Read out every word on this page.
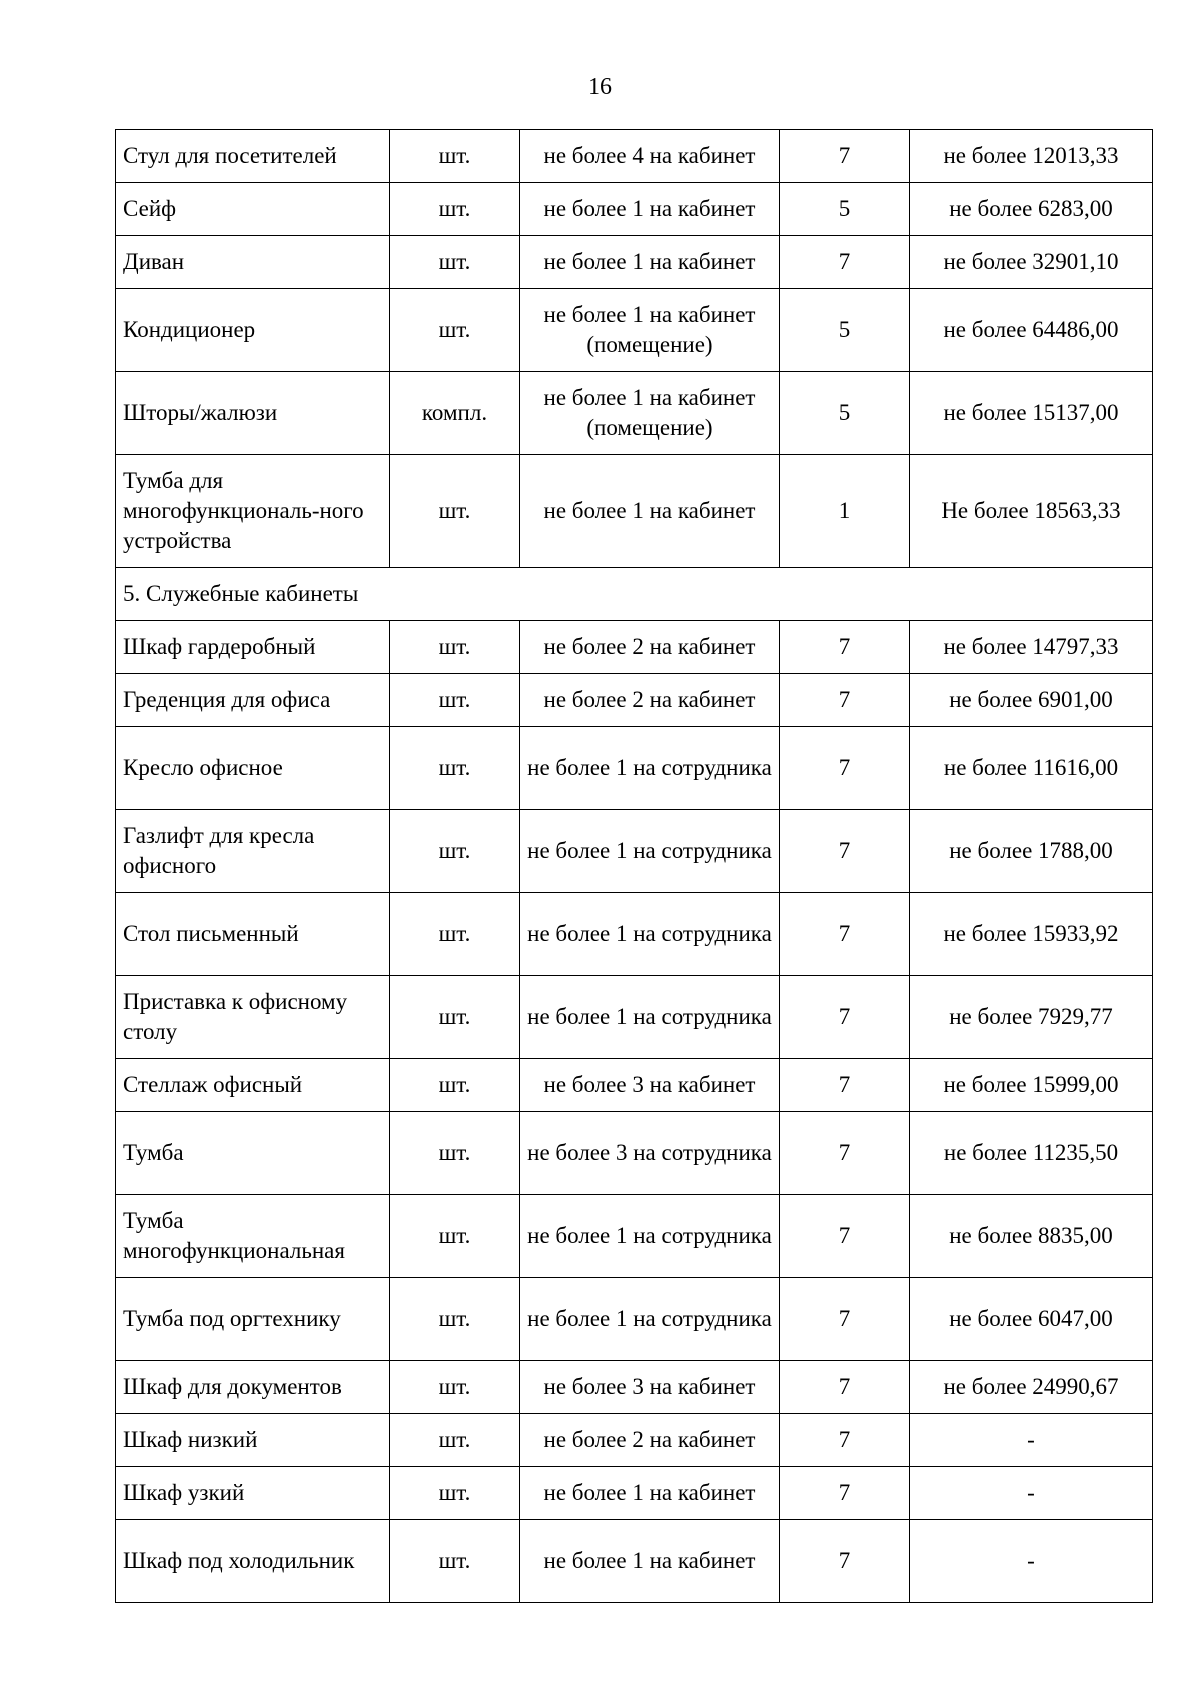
16
Стул для посетителей	шт.	не более 4 на кабинет	7	не более 12013,33
Сейф	шт.	не более 1 на кабинет	5	не более 6283,00
Диван	шт.	не более 1 на кабинет	7	не более 32901,10
Кондиционер	шт.	не более 1 на кабинет (помещение)	5	не более 64486,00
Шторы/жалюзи	компл.	не более 1 на кабинет (помещение)	5	не более 15137,00
Тумба для многофункциональ-ного устройства	шт.	не более 1 на кабинет	1	Не более 18563,33
5. Служебные кабинеты				
Шкаф гардеробный	шт.	не более 2 на кабинет	7	не более 14797,33
Греденция для офиса	шт.	не более 2 на кабинет	7	не более 6901,00
Кресло офисное	шт.	не более 1 на сотрудника	7	не более 11616,00
Газлифт для кресла офисного	шт.	не более 1 на сотрудника	7	не более 1788,00
Стол письменный	шт.	не более 1 на сотрудника	7	не более 15933,92
Приставка к офисному столу	шт.	не более 1 на сотрудника	7	не более 7929,77
Стеллаж офисный	шт.	не более 3 на кабинет	7	не более 15999,00
Тумба	шт.	не более 3 на сотрудника	7	не более 11235,50
Тумба многофункциональная	шт.	не более 1 на сотрудника	7	не более 8835,00
Тумба под оргтехнику	шт.	не более 1 на сотрудника	7	не более 6047,00
Шкаф для документов	шт.	не более 3 на кабинет	7	не более 24990,67
Шкаф низкий	шт.	не более 2 на кабинет	7	-
Шкаф узкий	шт.	не более 1 на кабинет	7	-
Шкаф под холодильник	шт.	не более 1 на кабинет	7	-
